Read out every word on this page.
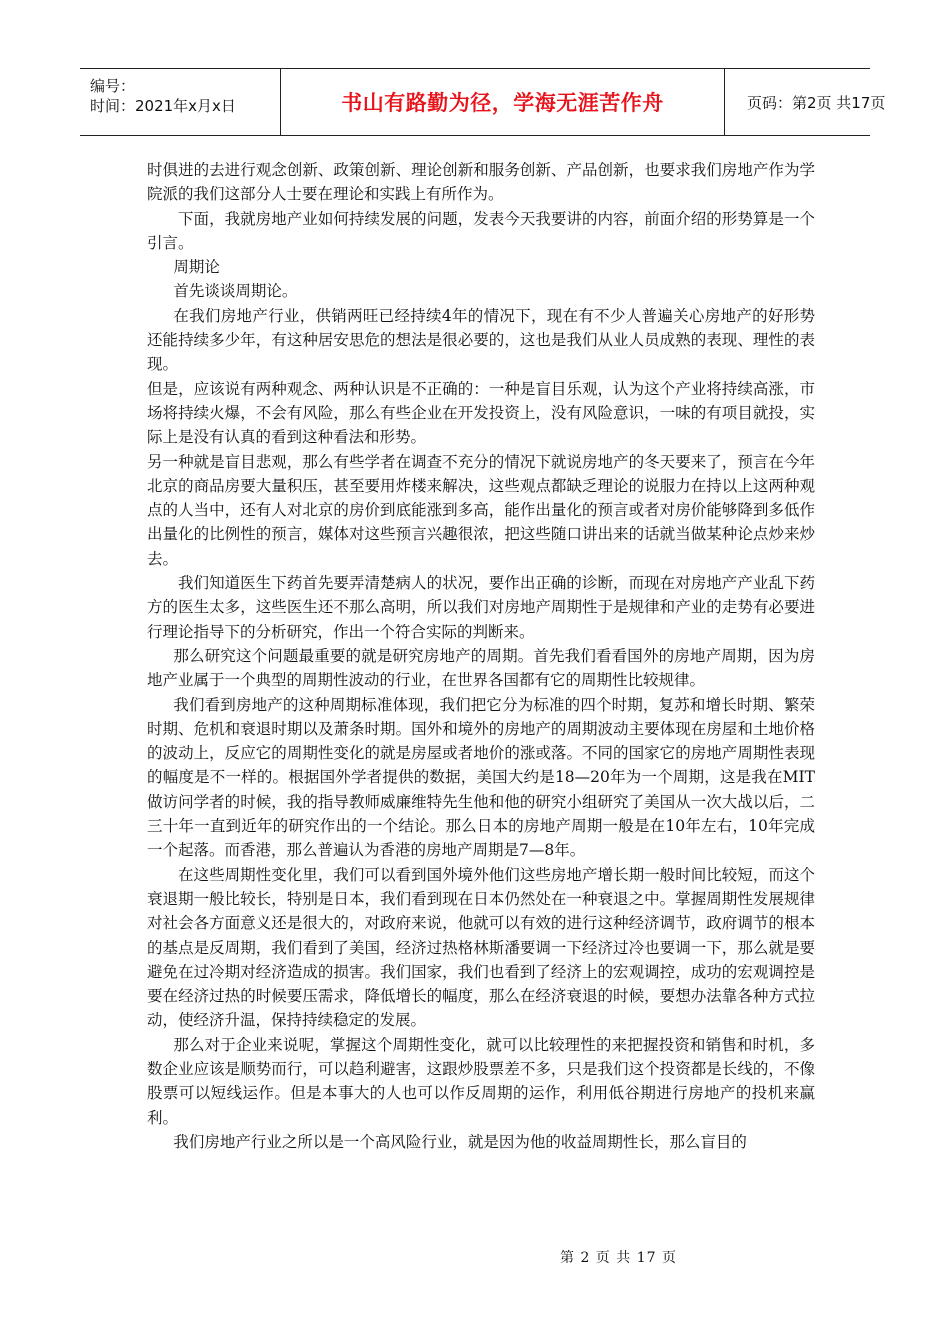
编号：
时间：2021年x月x日	书山有路勤为径，学海无涯苦作舟	页码：第2页 共17页

时俱进的去进行观念创新、政策创新、理论创新和服务创新、产品创新，也要求我们房地产作为学院派的我们这部分人士要在理论和实践上有所作为。

下面，我就房地产业如何持续发展的问题，发表今天我要讲的内容，前面介绍的形势算是一个引言。

周期论

首先谈谈周期论。

在我们房地产行业，供销两旺已经持续4年的情况下，现在有不少人普遍关心房地产的好形势还能持续多少年，有这种居安思危的想法是很必要的，这也是我们从业人员成熟的表现、理性的表现。

但是，应该说有两种观念、两种认识是不正确的：一种是盲目乐观，认为这个产业将持续高涨，市场将持续火爆，不会有风险，那么有些企业在开发投资上，没有风险意识，一味的有项目就投，实际上是没有认真的看到这种看法和形势。

另一种就是盲目悲观，那么有些学者在调查不充分的情况下就说房地产的冬天要来了，预言在今年北京的商品房要大量积压，甚至要用炸楼来解决，这些观点都缺乏理论的说服力在持以上这两种观点的人当中，还有人对北京的房价到底能涨到多高，能作出量化的预言或者对房价能够降到多低作出量化的比例性的预言，媒体对这些预言兴趣很浓，把这些随口讲出来的话就当做某种论点炒来炒去。

我们知道医生下药首先要弄清楚病人的状况，要作出正确的诊断，而现在对房地产产业乱下药方的医生太多，这些医生还不那么高明，所以我们对房地产周期性于是规律和产业的走势有必要进行理论指导下的分析研究，作出一个符合实际的判断来。

那么研究这个问题最重要的就是研究房地产的周期。首先我们看看国外的房地产周期，因为房地产业属于一个典型的周期性波动的行业，在世界各国都有它的周期性比较规律。

我们看到房地产的这种周期标准体现，我们把它分为标准的四个时期，复苏和增长时期、繁荣时期、危机和衰退时期以及萧条时期。国外和境外的房地产的周期波动主要体现在房屋和土地价格的波动上，反应它的周期性变化的就是房屋或者地价的涨或落。不同的国家它的房地产周期性表现的幅度是不一样的。根据国外学者提供的数据，美国大约是18—20年为一个周期，这是我在MIT做访问学者的时候，我的指导教师威廉维特先生他和他的研究小组研究了美国从一次大战以后，二三十年一直到近年的研究作出的一个结论。那么日本的房地产周期一般是在10年左右，10年完成一个起落。而香港，那么普遍认为香港的房地产周期是7—8年。

在这些周期性变化里，我们可以看到国外境外他们这些房地产增长期一般时间比较短，而这个衰退期一般比较长，特别是日本，我们看到现在日本仍然处在一种衰退之中。掌握周期性发展规律对社会各方面意义还是很大的，对政府来说，他就可以有效的进行这种经济调节，政府调节的根本的基点是反周期，我们看到了美国，经济过热格林斯潘要调一下经济过冷也要调一下，那么就是要避免在过冷期对经济造成的损害。我们国家，我们也看到了经济上的宏观调控，成功的宏观调控是要在经济过热的时候要压需求，降低增长的幅度，那么在经济衰退的时候，要想办法靠各种方式拉动，使经济升温，保持持续稳定的发展。

那么对于企业来说呢，掌握这个周期性变化，就可以比较理性的来把握投资和销售和时机，多数企业应该是顺势而行，可以趋利避害，这跟炒股票差不多，只是我们这个投资都是长线的，不像股票可以短线运作。但是本事大的人也可以作反周期的运作，利用低谷期进行房地产的投机来赢利。

我们房地产行业之所以是一个高风险行业，就是因为他的收益周期性长，那么盲目的

第 2 页 共 17 页
